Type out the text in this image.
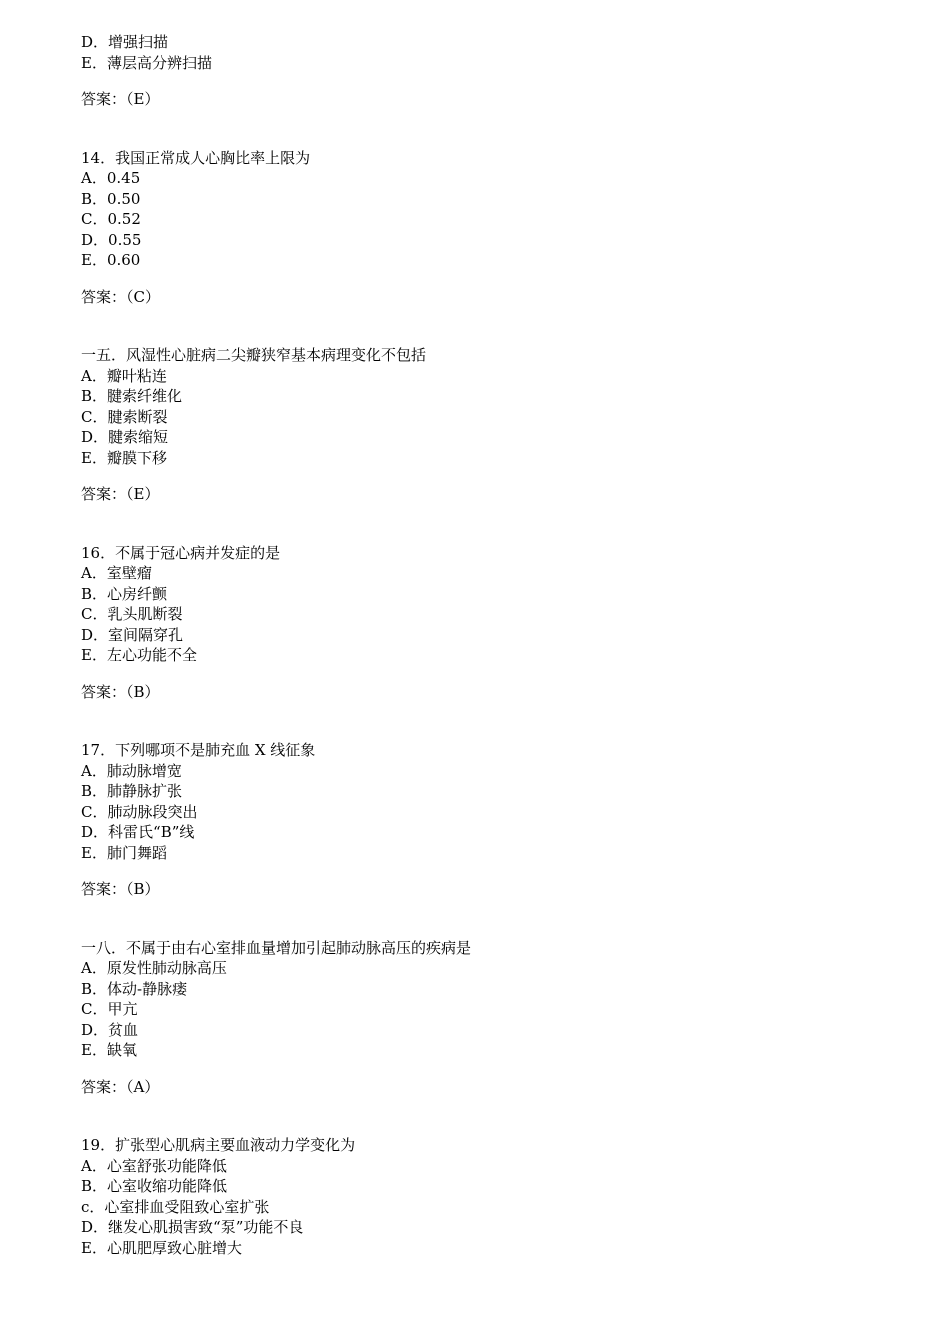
D．增强扫描
E．薄层高分辨扫描
答案：（E）
14．我国正常成人心胸比率上限为
A．0.45
B．0.50
C．0.52
D．0.55
E．0.60
答案：（C）
一五．风湿性心脏病二尖瓣狭窄基本病理变化不包括
A．瓣叶粘连
B．腱索纤维化
C．腱索断裂
D．腱索缩短
E．瓣膜下移
答案：（E）
16．不属于冠心病并发症的是
A．室壁瘤
B．心房纤颤
C．乳头肌断裂
D．室间隔穿孔
E．左心功能不全
答案：（B）
17．下列哪项不是肺充血 X 线征象
A．肺动脉增宽
B．肺静脉扩张
C．肺动脉段突出
D．科雷氏“B”线
E．肺门舞蹈
答案：（B）
一八．不属于由右心室排血量增加引起肺动脉高压的疾病是
A．原发性肺动脉高压
B．体动-静脉瘘
C．甲亢
D．贫血
E．缺氧
答案：（A）
19．扩张型心肌病主要血液动力学变化为
A．心室舒张功能降低
B．心室收缩功能降低
c．心室排血受阻致心室扩张
D．继发心肌损害致“泵”功能不良
E．心肌肥厚致心脏增大
